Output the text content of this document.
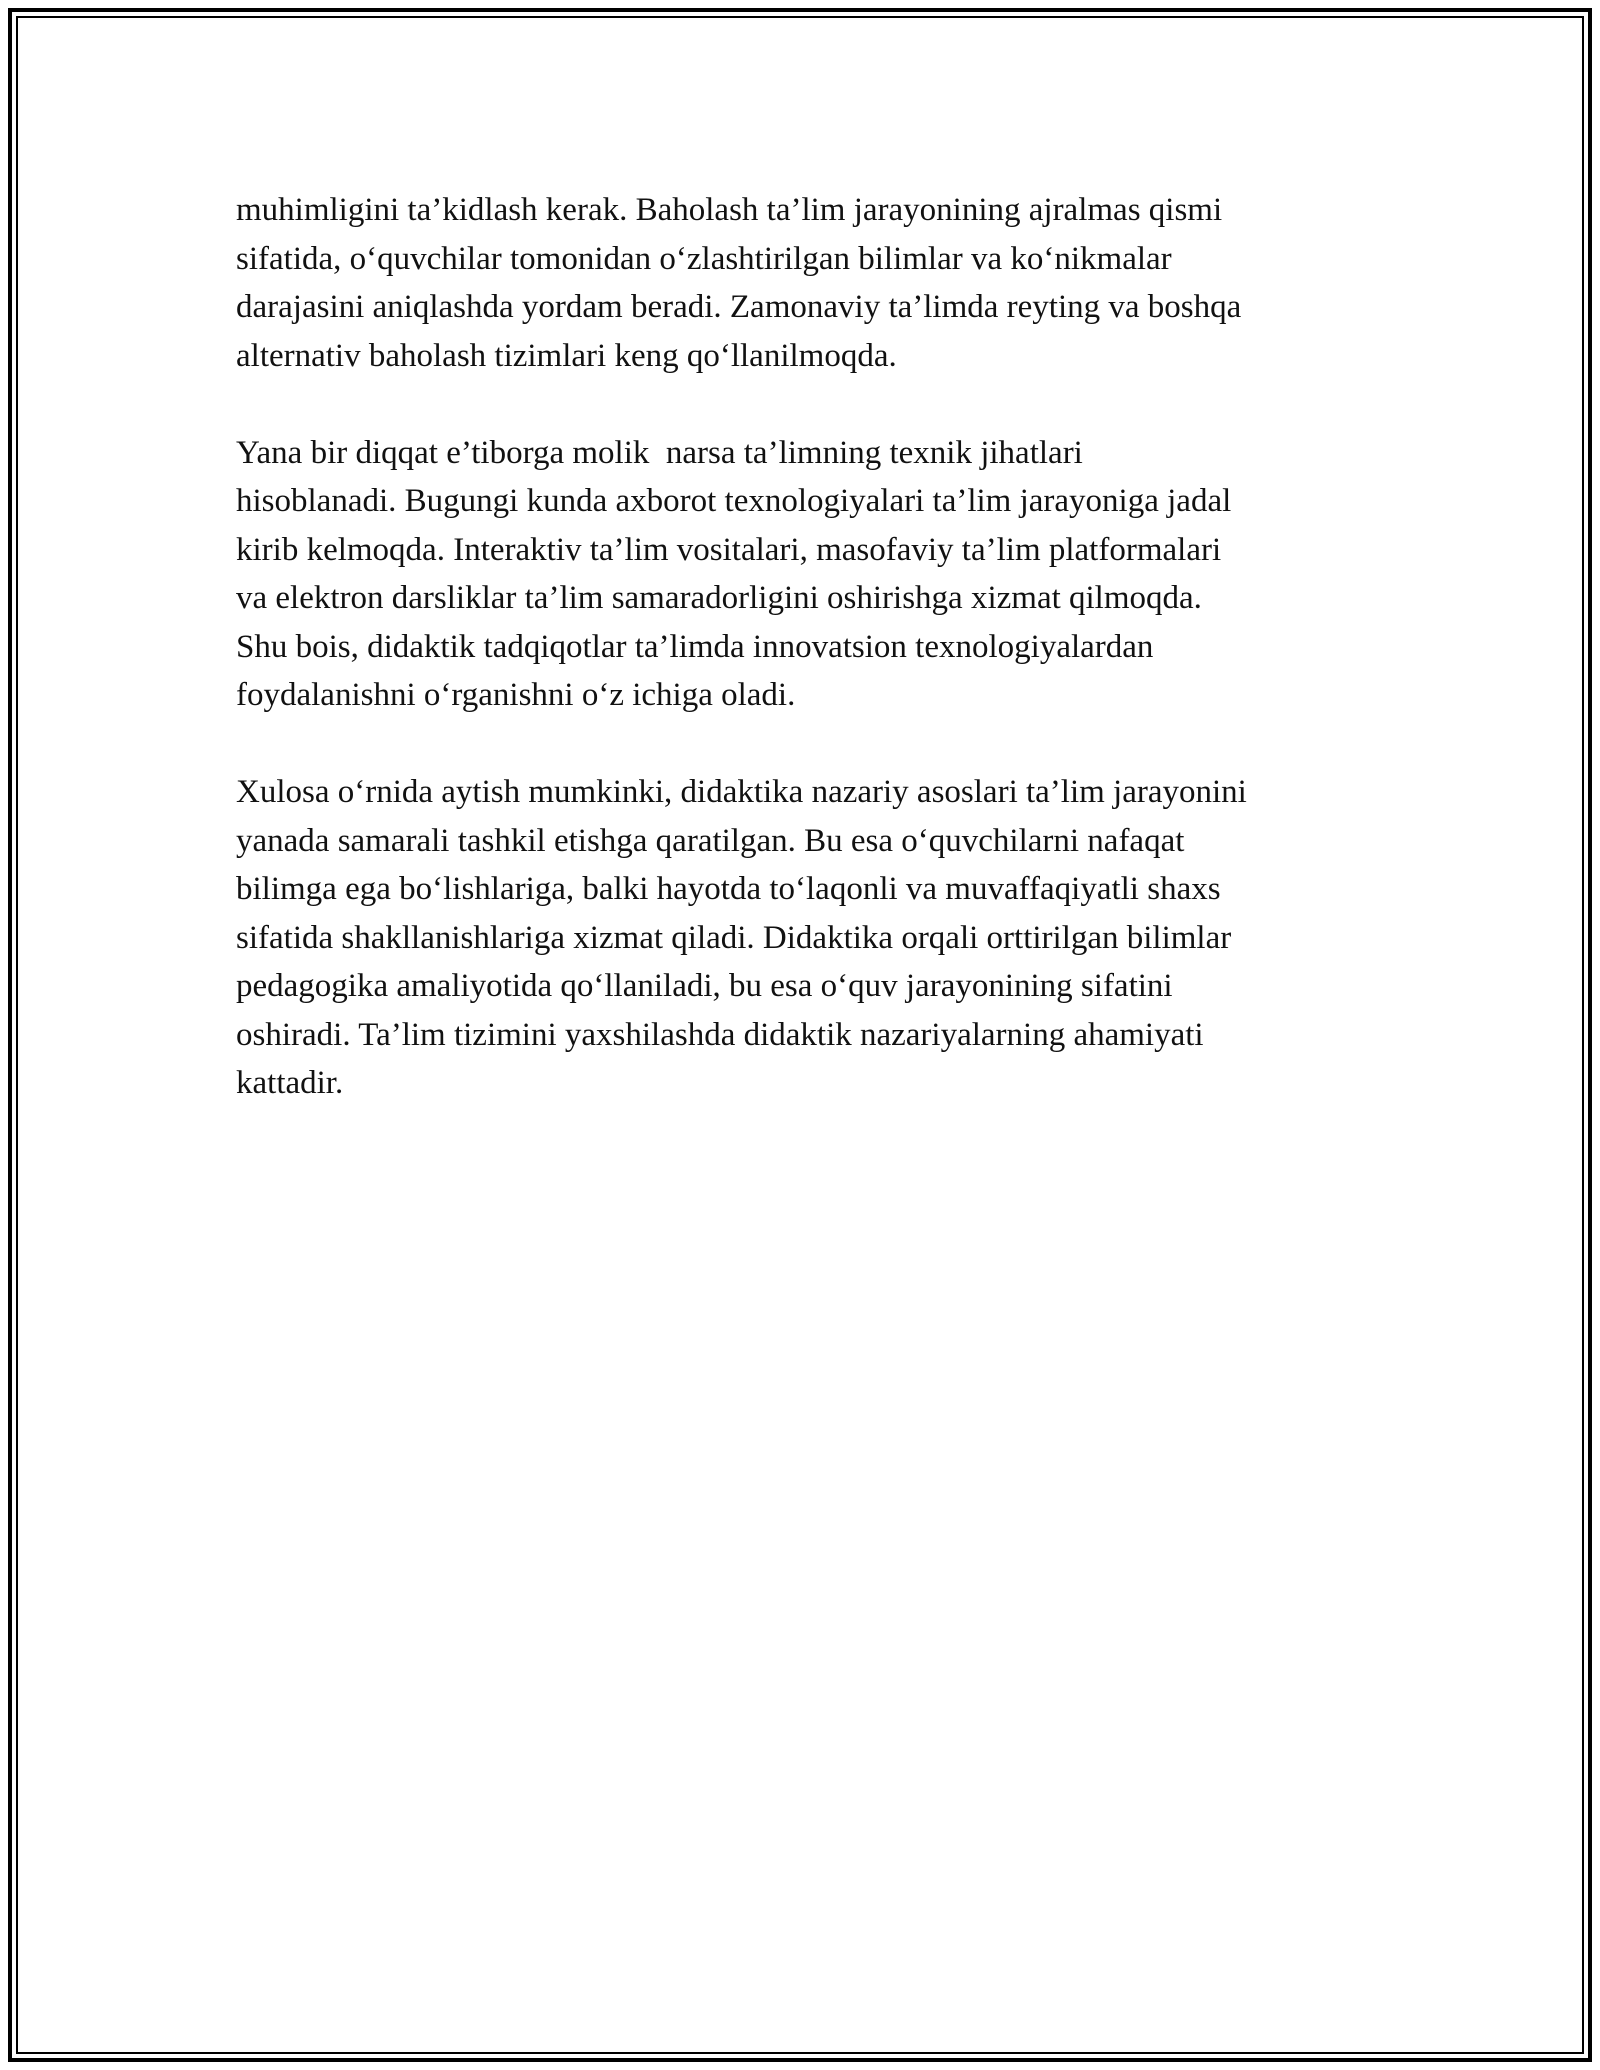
muhimligini ta’kidlash kerak. Baholash ta’lim jarayonining ajralmas qismi
sifatida, o‘quvchilar tomonidan o‘zlashtirilgan bilimlar va ko‘nikmalar
darajasini aniqlashda yordam beradi. Zamonaviy ta’limda reyting va boshqa
alternativ baholash tizimlari keng qo‘llanilmoqda.

Yana bir diqqat e’tiborga molik  narsa ta’limning texnik jihatlari
hisoblanadi. Bugungi kunda axborot texnologiyalari ta’lim jarayoniga jadal
kirib kelmoqda. Interaktiv ta’lim vositalari, masofaviy ta’lim platformalari
va elektron darsliklar ta’lim samaradorligini oshirishga xizmat qilmoqda.
Shu bois, didaktik tadqiqotlar ta’limda innovatsion texnologiyalardan
foydalanishni o‘rganishni o‘z ichiga oladi.

Xulosa o‘rnida aytish mumkinki, didaktika nazariy asoslari ta’lim jarayonini
yanada samarali tashkil etishga qaratilgan. Bu esa o‘quvchilarni nafaqat
bilimga ega bo‘lishlariga, balki hayotda to‘laqonli va muvaffaqiyatli shaxs
sifatida shakllanishlariga xizmat qiladi. Didaktika orqali orttirilgan bilimlar
pedagogika amaliyotida qo‘llaniladi, bu esa o‘quv jarayonining sifatini
oshiradi. Ta’lim tizimini yaxshilashda didaktik nazariyalarning ahamiyati
kattadir.
